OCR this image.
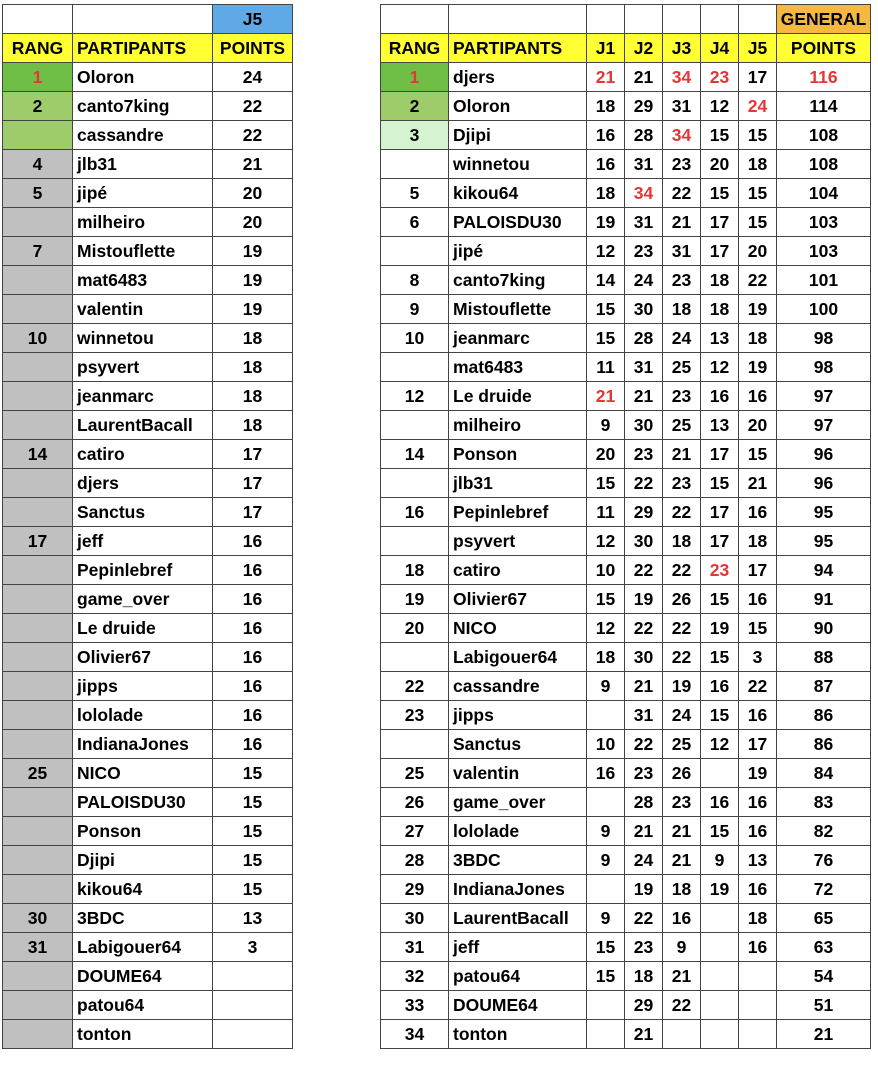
		J5
RANG	PARTIPANTS	POINTS
1	Oloron	24
2	canto7king	22
	cassandre	22
4	jlb31	21
5	jipé	20
	milheiro	20
7	Mistouflette	19
	mat6483	19
	valentin	19
10	winnetou	18
	psyvert	18
	jeanmarc	18
	LaurentBacall	18
14	catiro	17
	djers	17
	Sanctus	17
17	jeff	16
	Pepinlebref	16
	game_over	16
	Le druide	16
	Olivier67	16
	jipps	16
	lololade	16
	IndianaJones	16
25	NICO	15
	PALOISDU30	15
	Ponson	15
	Djipi	15
	kikou64	15
30	3BDC	13
31	Labigouer64	3
	DOUME64	
	patou64	
	tonton	
							GENERAL
RANG	PARTIPANTS	J1	J2	J3	J4	J5	POINTS
1	djers	21	21	34	23	17	116
2	Oloron	18	29	31	12	24	114
3	Djipi	16	28	34	15	15	108
	winnetou	16	31	23	20	18	108
5	kikou64	18	34	22	15	15	104
6	PALOISDU30	19	31	21	17	15	103
	jipé	12	23	31	17	20	103
8	canto7king	14	24	23	18	22	101
9	Mistouflette	15	30	18	18	19	100
10	jeanmarc	15	28	24	13	18	98
	mat6483	11	31	25	12	19	98
12	Le druide	21	21	23	16	16	97
	milheiro	9	30	25	13	20	97
14	Ponson	20	23	21	17	15	96
	jlb31	15	22	23	15	21	96
16	Pepinlebref	11	29	22	17	16	95
	psyvert	12	30	18	17	18	95
18	catiro	10	22	22	23	17	94
19	Olivier67	15	19	26	15	16	91
20	NICO	12	22	22	19	15	90
	Labigouer64	18	30	22	15	3	88
22	cassandre	9	21	19	16	22	87
23	jipps		31	24	15	16	86
	Sanctus	10	22	25	12	17	86
25	valentin	16	23	26		19	84
26	game_over		28	23	16	16	83
27	lololade	9	21	21	15	16	82
28	3BDC	9	24	21	9	13	76
29	IndianaJones		19	18	19	16	72
30	LaurentBacall	9	22	16		18	65
31	jeff	15	23	9		16	63
32	patou64	15	18	21			54
33	DOUME64		29	22			51
34	tonton		21				21
